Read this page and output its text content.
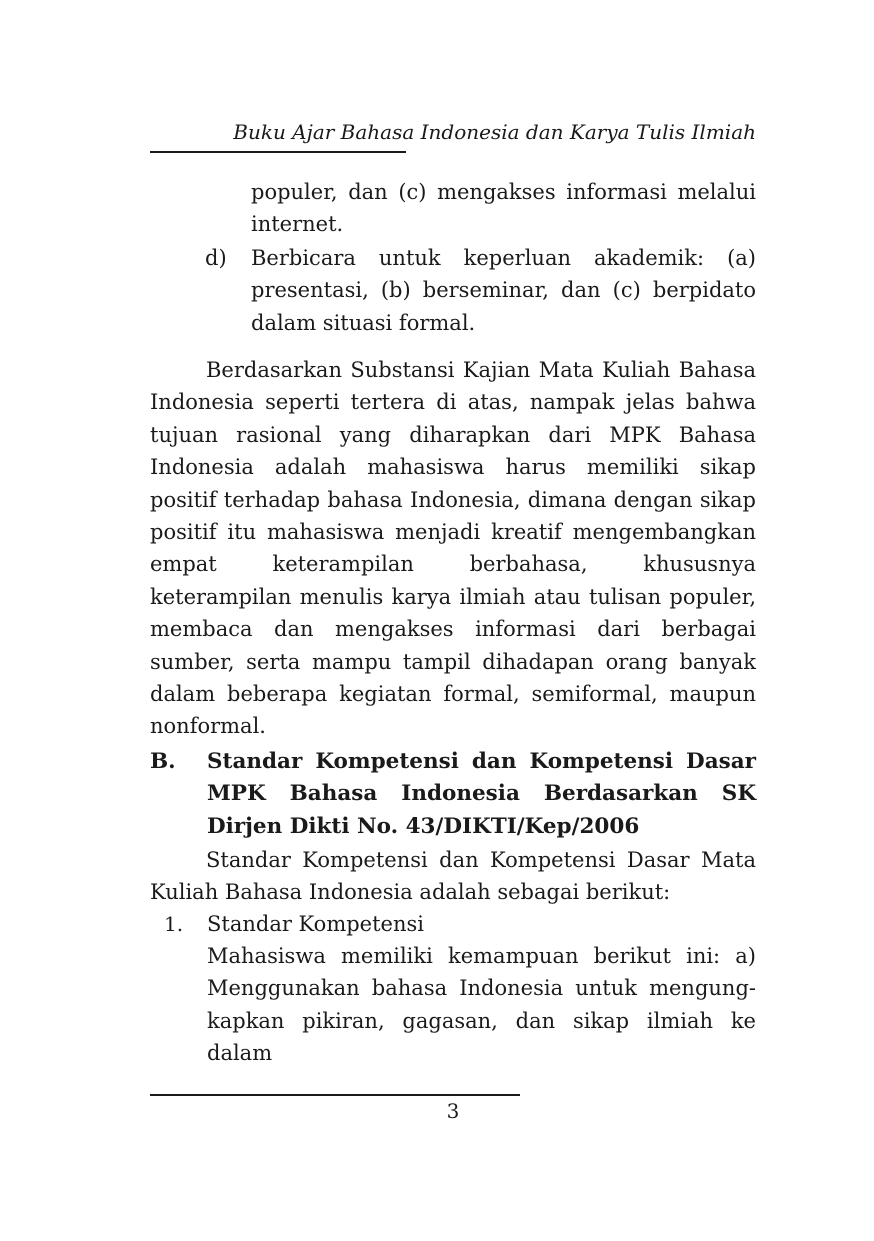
Buku Ajar Bahasa Indonesia dan Karya Tulis Ilmiah
populer, dan (c) mengakses informasi melalui internet.
d)	Berbicara untuk keperluan akademik: (a) presentasi, (b) berseminar, dan (c) berpidato dalam situasi formal.
Berdasarkan Substansi Kajian Mata Kuliah Bahasa Indonesia seperti tertera di atas, nampak jelas bahwa tujuan rasional yang diharapkan dari MPK Bahasa Indonesia adalah mahasiswa harus memiliki sikap positif terhadap bahasa Indonesia, dimana dengan sikap positif itu mahasiswa menjadi kreatif mengembangkan empat keterampilan berbahasa, khususnya keterampilan menulis karya ilmiah atau tulisan populer, membaca dan mengakses informasi dari berbagai sumber, serta mampu tampil dihadapan orang banyak dalam beberapa kegiatan formal, semiformal, maupun nonformal.
B. Standar Kompetensi dan Kompetensi Dasar MPK Bahasa Indonesia Berdasarkan SK Dirjen Dikti No. 43/DIKTI/Kep/2006
Standar Kompetensi dan Kompetensi Dasar Mata Kuliah Bahasa Indonesia adalah sebagai berikut:
1. Standar Kompetensi
Mahasiswa memiliki kemampuan berikut ini: a) Menggunakan bahasa Indonesia untuk mengung-kapkan pikiran, gagasan, dan sikap ilmiah ke dalam
3
